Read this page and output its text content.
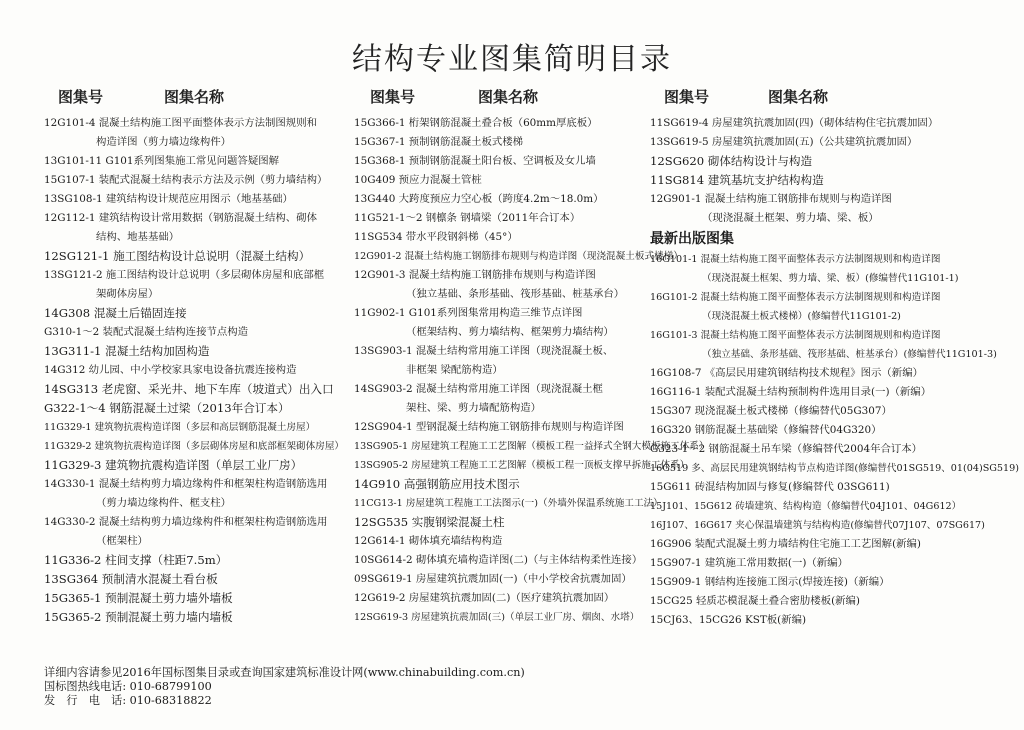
结构专业图集简明目录
图集号	图集名称
12G101-4 混凝土结构施工图平面整体表示方法制图规则和
构造详图（剪力墙边缘构件）
13G101-11 G101系列图集施工常见问题答疑图解
15G107-1 装配式混凝土结构表示方法及示例（剪力墙结构）
13SG108-1 建筑结构设计规范应用图示（地基基础）
12G112-1 建筑结构设计常用数据（钢筋混凝土结构、砌体
结构、地基基础）
12SG121-1 施工图结构设计总说明（混凝土结构）
13SG121-2 施工图结构设计总说明（多层砌体房屋和底部框
架砌体房屋）
14G308 混凝土后锚固连接
G310-1～2 装配式混凝土结构连接节点构造
13G311-1 混凝土结构加固构造
14G312 幼儿园、中小学校家具家电设备抗震连接构造
14SG313 老虎窗、采光井、地下车库（坡道式）出入口
G322-1～4 钢筋混凝土过梁（2013年合订本）
11G329-1 建筑物抗震构造详图（多层和高层钢筋混凝土房屋）
11G329-2 建筑物抗震构造详图（多层砌体房屋和底部框架砌体房屋）
11G329-3 建筑物抗震构造详图（单层工业厂房）
14G330-1 混凝土结构剪力墙边缘构件和框架柱构造钢筋选用
（剪力墙边缘构件、框支柱）
14G330-2 混凝土结构剪力墙边缘构件和框架柱构造钢筋选用
（框架柱）
11G336-2 柱间支撑（柱距7.5m）
13SG364 预制清水混凝土看台板
15G365-1 预制混凝土剪力墙外墙板
15G365-2 预制混凝土剪力墙内墙板
图集号	图集名称
15G366-1 桁架钢筋混凝土叠合板（60mm厚底板）
15G367-1 预制钢筋混凝土板式楼梯
15G368-1 预制钢筋混凝土阳台板、空调板及女儿墙
10G409 预应力混凝土管桩
13G440 大跨度预应力空心板（跨度4.2m～18.0m）
11G521-1～2 钢檩条 钢墙梁（2011年合订本）
11SG534 带水平段钢斜梯（45°）
12G901-2 混凝土结构施工钢筋排布规则与构造详图（现浇混凝土板式楼梯）
12G901-3 混凝土结构施工钢筋排布规则与构造详图
（独立基础、条形基础、筏形基础、桩基承台）
11G902-1 G101系列图集常用构造三维节点详图
（框架结构、剪力墙结构、框架剪力墙结构）
13SG903-1 混凝土结构常用施工详图（现浇混凝土板、
非框架 梁配筋构造）
14SG903-2 混凝土结构常用施工详图（现浇混凝土框
架柱、梁、剪力墙配筋构造）
12SG904-1 型钢混凝土结构施工钢筋排布规则与构造详图
13SG905-1 房屋建筑工程施工工艺图解（模板工程一益择式全钢大模板施工体系）
13SG905-2 房屋建筑工程施工工艺图解（模板工程一顶板支撑早拆施工体系）
14G910 高强钢筋应用技术图示
11CG13-1 房屋建筑工程施工工法图示(一)（外墙外保温系统施工工法）
12SG535 实腹钢梁混凝土柱
12G614-1 砌体填充墙结构构造
10SG614-2 砌体填充墙构造详图(二)（与主体结构柔性连接）
09SG619-1 房屋建筑抗震加固(一)（中小学校舍抗震加固）
12G619-2 房屋建筑抗震加固(二)（医疗建筑抗震加固）
12SG619-3 房屋建筑抗震加固(三)（单层工业厂房、烟囱、水塔）
图集号	图集名称
11SG619-4 房屋建筑抗震加固(四)（砌体结构住宅抗震加固）
13SG619-5 房屋建筑抗震加固(五)（公共建筑抗震加固）
12SG620 砌体结构设计与构造
11SG814 建筑基坑支护结构构造
12G901-1 混凝土结构施工钢筋排布规则与构造详图
（现浇混凝土框架、剪力墙、梁、板）
最新出版图集
16G101-1 混凝土结构施工图平面整体表示方法制图规则和构造详图
（现浇混凝土框架、剪力墙、梁、板）(修编替代11G101-1)
16G101-2 混凝土结构施工图平面整体表示方法制图规则和构造详图
（现浇混凝土板式楼梯）(修编替代11G101-2)
16G101-3 混凝土结构施工图平面整体表示方法制图规则和构造详图
（独立基础、条形基础、筏形基础、桩基承台）(修编替代11G101-3)
16G108-7 《高层民用建筑钢结构技术规程》图示（新编）
16G116-1 装配式混凝土结构预制构件选用目录(一)（新编）
15G307 现浇混凝土板式楼梯（修编替代05G307）
16G320 钢筋混凝土基础梁（修编替代04G320）
G323-1～2 钢筋混凝土吊车梁（修编替代2004年合订本）
16G519 多、高层民用建筑钢结构节点构造详图(修编替代01SG519、01(04)SG519)
15G611 砖混结构加固与修复(修编替代 03SG611)
15J101、15G612 砖墙建筑、结构构造（修编替代04J101、04G612）
16J107、16G617 夹心保温墙建筑与结构构造(修编替代07J107、07SG617)
16G906 装配式混凝土剪力墙结构住宅施工工艺图解(新编)
15G907-1 建筑施工常用数据(一)（新编）
15G909-1 钢结构连接施工图示(焊接连接)（新编）
15CG25 轻质芯模混凝土叠合密肋楼板(新编)
15CJ63、15CG26 KST板(新编)
详细内容请参见2016年国标图集目录或查询国家建筑标准设计网(www.chinabuilding.com.cn)
国标图热线电话: 010-68799100
发　行　电　话: 010-68318822
